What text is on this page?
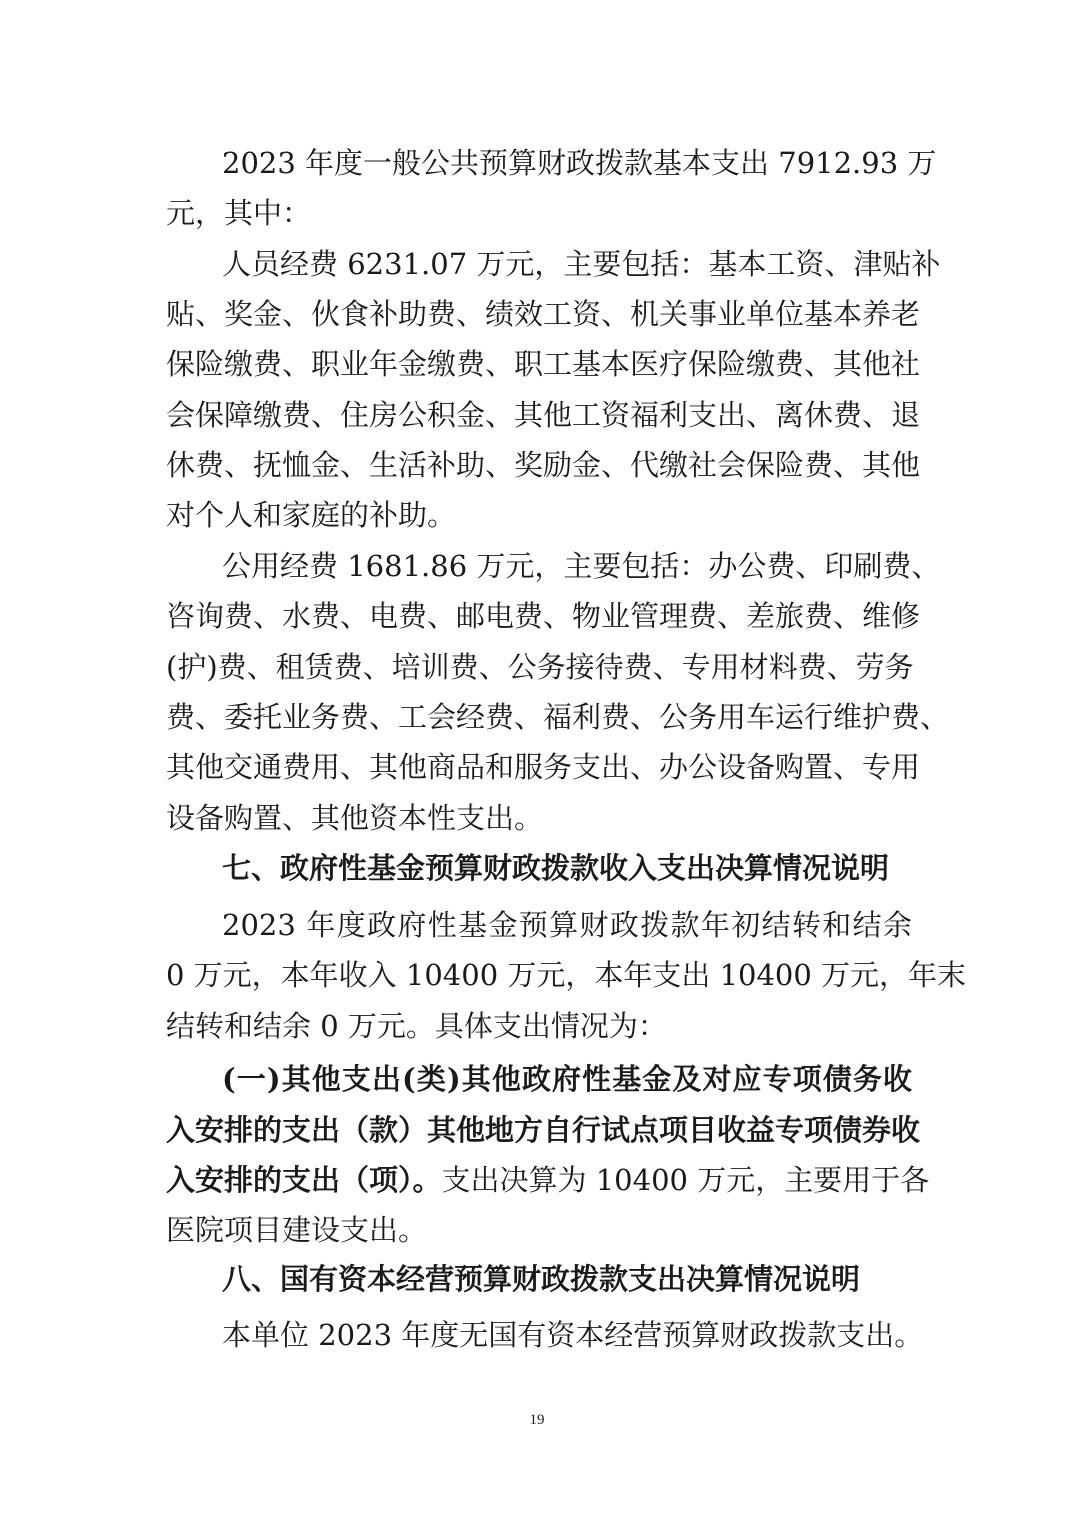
2023 年度一般公共预算财政拨款基本支出 7912.93 万
元，其中：
人员经费 6231.07 万元，主要包括：基本工资、津贴补
贴、奖金、伙食补助费、绩效工资、机关事业单位基本养老
保险缴费、职业年金缴费、职工基本医疗保险缴费、其他社
会保障缴费、住房公积金、其他工资福利支出、离休费、退
休费、抚恤金、生活补助、奖励金、代缴社会保险费、其他
对个人和家庭的补助。
公用经费 1681.86 万元，主要包括：办公费、印刷费、
咨询费、水费、电费、邮电费、物业管理费、差旅费、维修
(护)费、租赁费、培训费、公务接待费、专用材料费、劳务
费、委托业务费、工会经费、福利费、公务用车运行维护费、
其他交通费用、其他商品和服务支出、办公设备购置、专用
设备购置、其他资本性支出。
七、政府性基金预算财政拨款收入支出决算情况说明
2023 年度政府性基金预算财政拨款年初结转和结余
0 万元，本年收入 10400 万元，本年支出 10400 万元，年末
结转和结余 0 万元。具体支出情况为：
(一)其他支出(类)其他政府性基金及对应专项债务收
入安排的支出（款）其他地方自行试点项目收益专项债券收
入安排的支出（项）。支出决算为 10400 万元，主要用于各
医院项目建设支出。
八、国有资本经营预算财政拨款支出决算情况说明
本单位 2023 年度无国有资本经营预算财政拨款支出。
19
